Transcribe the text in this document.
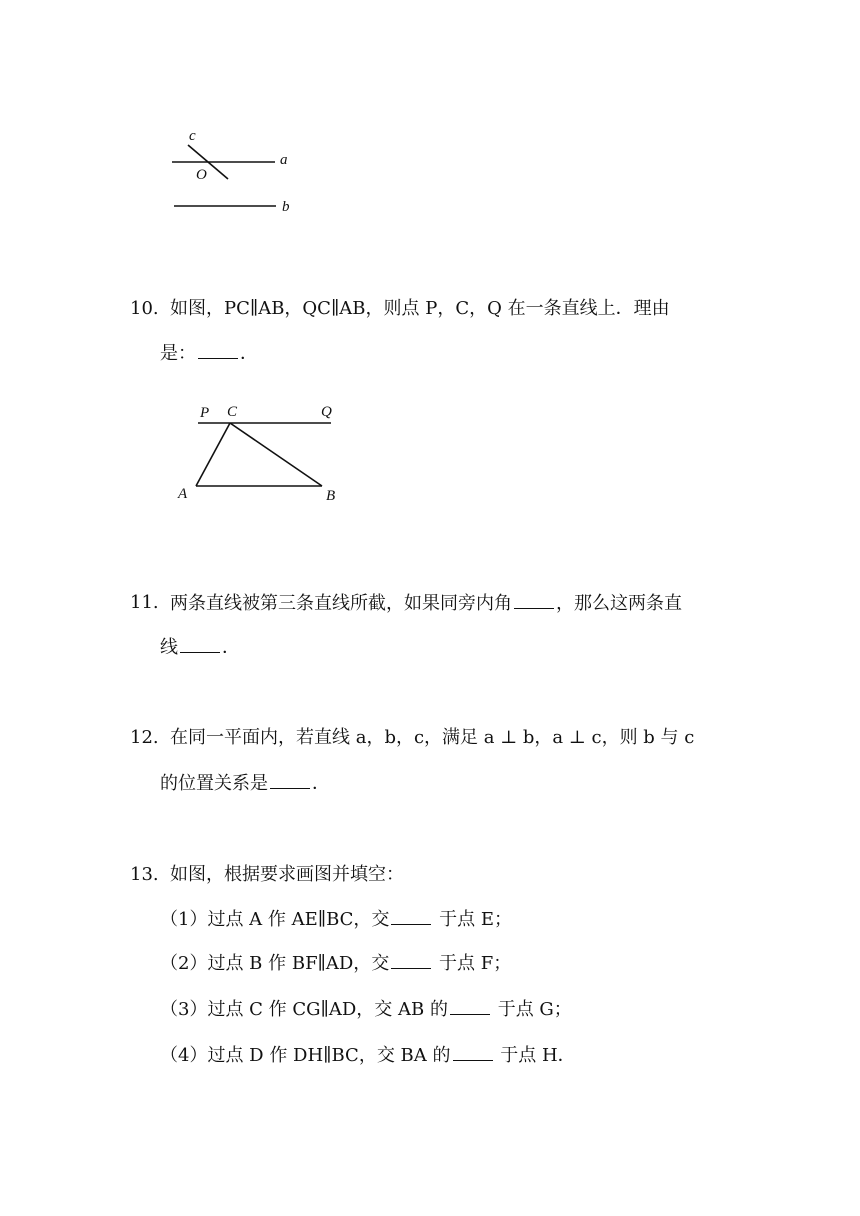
c
O
a
b
10. 如图，PC∥AB，QC∥AB，则点 P，C，Q 在一条直线上．理由
是： ．
P C	Q
A	B
11. 两条直线被第三条直线所截，如果同旁内角 ，那么这两条直
线 ．
12. 在同一平面内，若直线 a，b，c，满足 a ⊥ b，a ⊥ c，则 b 与 c
的位置关系是 ．
13. 如图，根据要求画图并填空：
（1）过点 A 作 AE∥BC，交 于点 E；
（2）过点 B 作 BF∥AD，交 于点 F；
（3）过点 C 作 CG∥AD，交 AB 的 于点 G；
（4）过点 D 作 DH∥BC，交 BA 的 于点 H．
